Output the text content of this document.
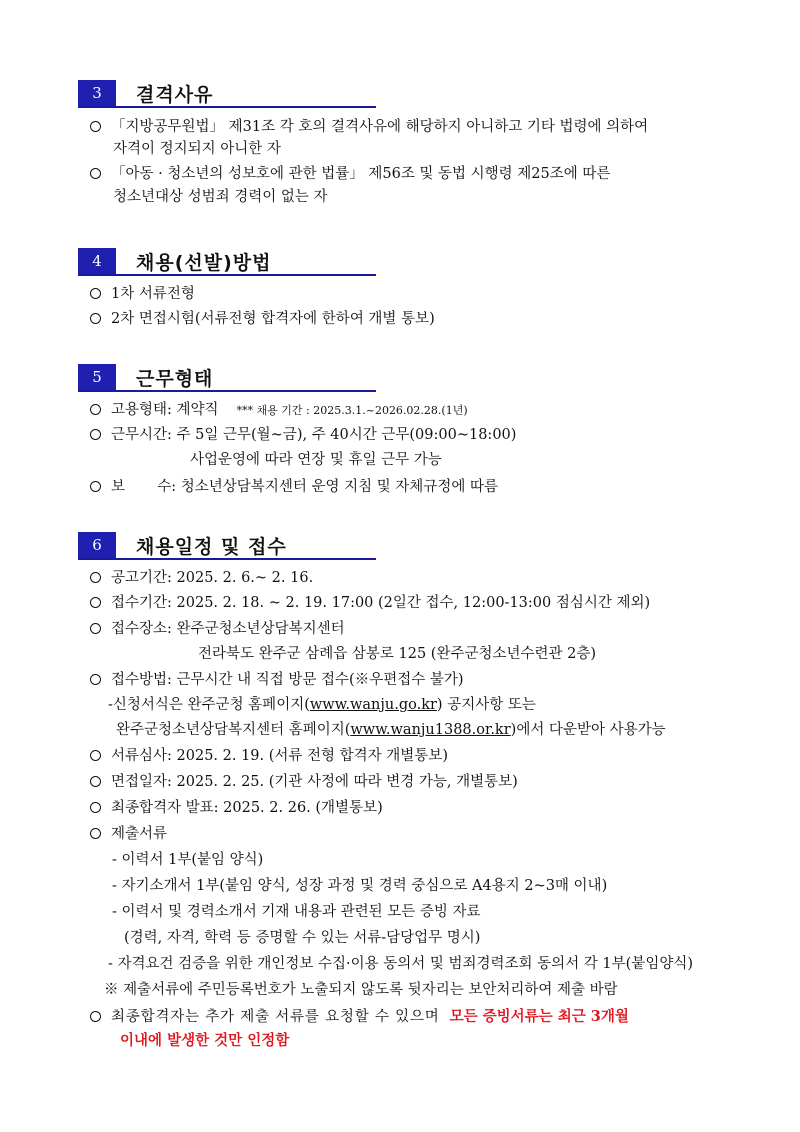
3	결격사유
「지방공무원법」 제31조 각 호의 결격사유에 해당하지 아니하고 기타 법령에 의하여
자격이 정지되지 아니한 자
「아동 · 청소년의 성보호에 관한 법률」 제56조 및 동법 시행령 제25조에 따른
청소년대상 성범죄 경력이 없는 자
4	채용(선발)방법
1차 서류전형
2차 면접시험(서류전형 합격자에 한하여 개별 통보)
5	근무형태
고용형태: 계약직 *** 채용 기간 : 2025.3.1.~2026.02.28.(1년)
근무시간: 주 5일 근무(월~금), 주 40시간 근무(09:00~18:00)
사업운영에 따라 연장 및 휴일 근무 가능
보       수: 청소년상담복지센터 운영 지침 및 자체규정에 따름
6	채용일정 및 접수
공고기간: 2025. 2. 6.~ 2. 16.
접수기간: 2025. 2. 18. ~ 2. 19. 17:00 (2일간 접수, 12:00-13:00 점심시간 제외)
접수장소: 완주군청소년상담복지센터
전라북도 완주군 삼례읍 삼봉로 125 (완주군청소년수련관 2층)
접수방법: 근무시간 내 직접 방문 접수(※우편접수 불가)
-신청서식은 완주군청 홈페이지(www.wanju.go.kr) 공지사항 또는
완주군청소년상담복지센터 홈페이지(www.wanju1388.or.kr)에서 다운받아 사용가능
서류심사: 2025. 2. 19. (서류 전형 합격자 개별통보)
면접일자: 2025. 2. 25. (기관 사정에 따라 변경 가능, 개별통보)
최종합격자 발표: 2025. 2. 26. (개별통보)
제출서류
- 이력서 1부(붙임 양식)
- 자기소개서 1부(붙임 양식, 성장 과정 및 경력 중심으로 A4용지 2~3매 이내)
- 이력서 및 경력소개서 기재 내용과 관련된 모든 증빙 자료
(경력, 자격, 학력 등 증명할 수 있는 서류-담당업무 명시)
- 자격요건 검증을 위한 개인정보 수집·이용 동의서 및 범죄경력조회 동의서 각 1부(붙임양식)
※ 제출서류에 주민등록번호가 노출되지 않도록 뒷자리는 보안처리하여 제출 바람
최종합격자는 추가 제출 서류를 요청할 수 있으며 모든 증빙서류는 최근 3개월
이내에 발생한 것만 인정함
